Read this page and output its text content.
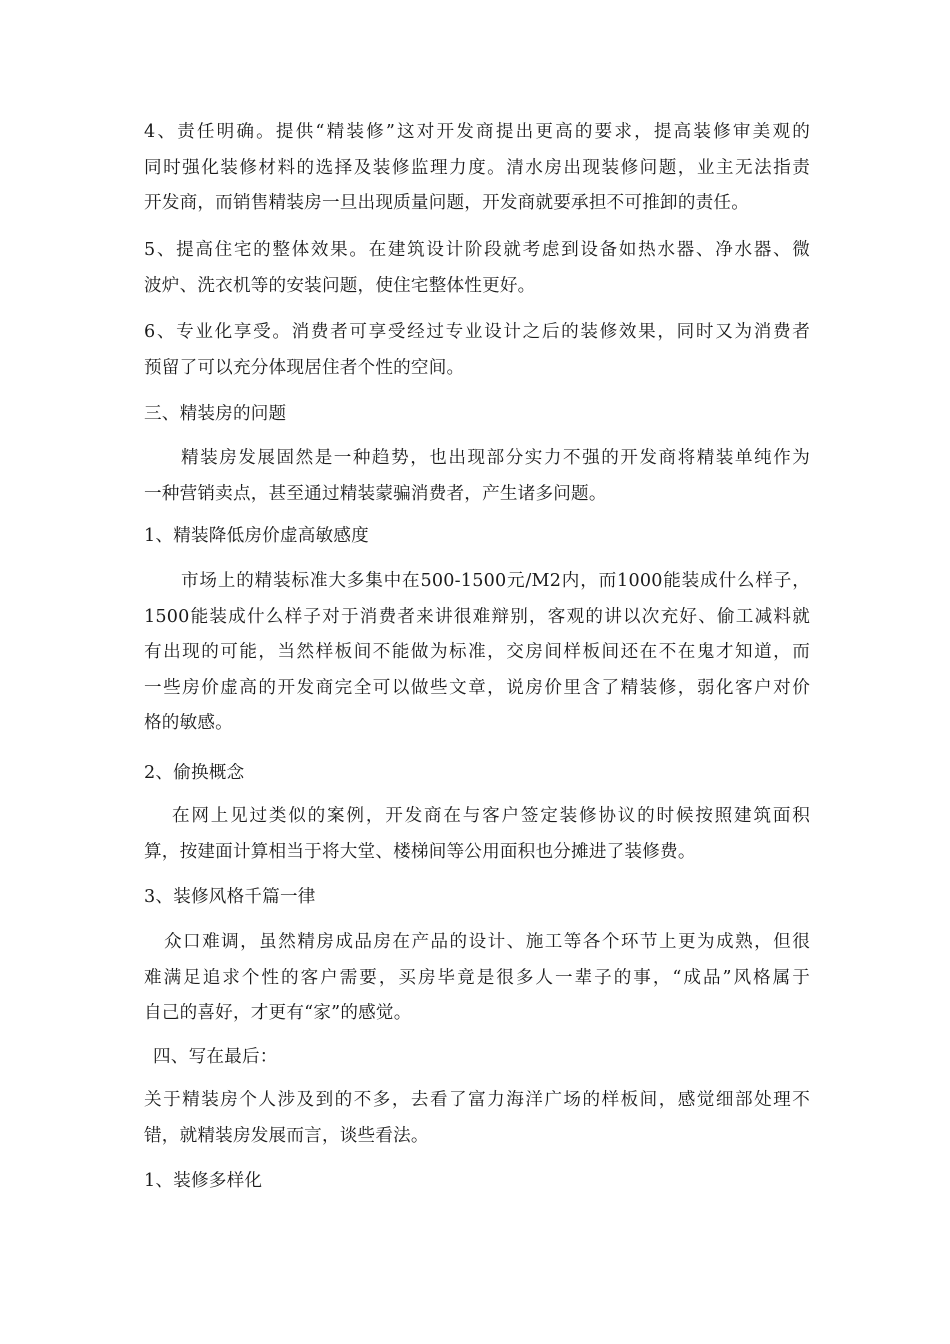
4、责任明确。提供“精装修”这对开发商提出更高的要求，提高装修审美观的
同时强化装修材料的选择及装修监理力度。清水房出现装修问题，业主无法指责
开发商，而销售精装房一旦出现质量问题，开发商就要承担不可推卸的责任。
5、提高住宅的整体效果。在建筑设计阶段就考虑到设备如热水器、净水器、微
波炉、洗衣机等的安装问题，使住宅整体性更好。
6、专业化享受。消费者可享受经过专业设计之后的装修效果，同时又为消费者
预留了可以充分体现居住者个性的空间。
三、精装房的问题
精装房发展固然是一种趋势，也出现部分实力不强的开发商将精装单纯作为
一种营销卖点，甚至通过精装蒙骗消费者，产生诸多问题。
1、精装降低房价虚高敏感度
市场上的精装标准大多集中在500-1500元/M2内，而1000能装成什么样子，
1500能装成什么样子对于消费者来讲很难辩别，客观的讲以次充好、偷工减料就
有出现的可能，当然样板间不能做为标准，交房间样板间还在不在鬼才知道，而
一些房价虚高的开发商完全可以做些文章，说房价里含了精装修，弱化客户对价
格的敏感。
2、偷换概念
在网上见过类似的案例，开发商在与客户签定装修协议的时候按照建筑面积
算，按建面计算相当于将大堂、楼梯间等公用面积也分摊进了装修费。
3、装修风格千篇一律
众口难调，虽然精房成品房在产品的设计、施工等各个环节上更为成熟，但很
难满足追求个性的客户需要，买房毕竟是很多人一辈子的事，“成品”风格属于
自己的喜好，才更有“家”的感觉。
四、写在最后：
关于精装房个人涉及到的不多，去看了富力海洋广场的样板间，感觉细部处理不
错，就精装房发展而言，谈些看法。
1、装修多样化
